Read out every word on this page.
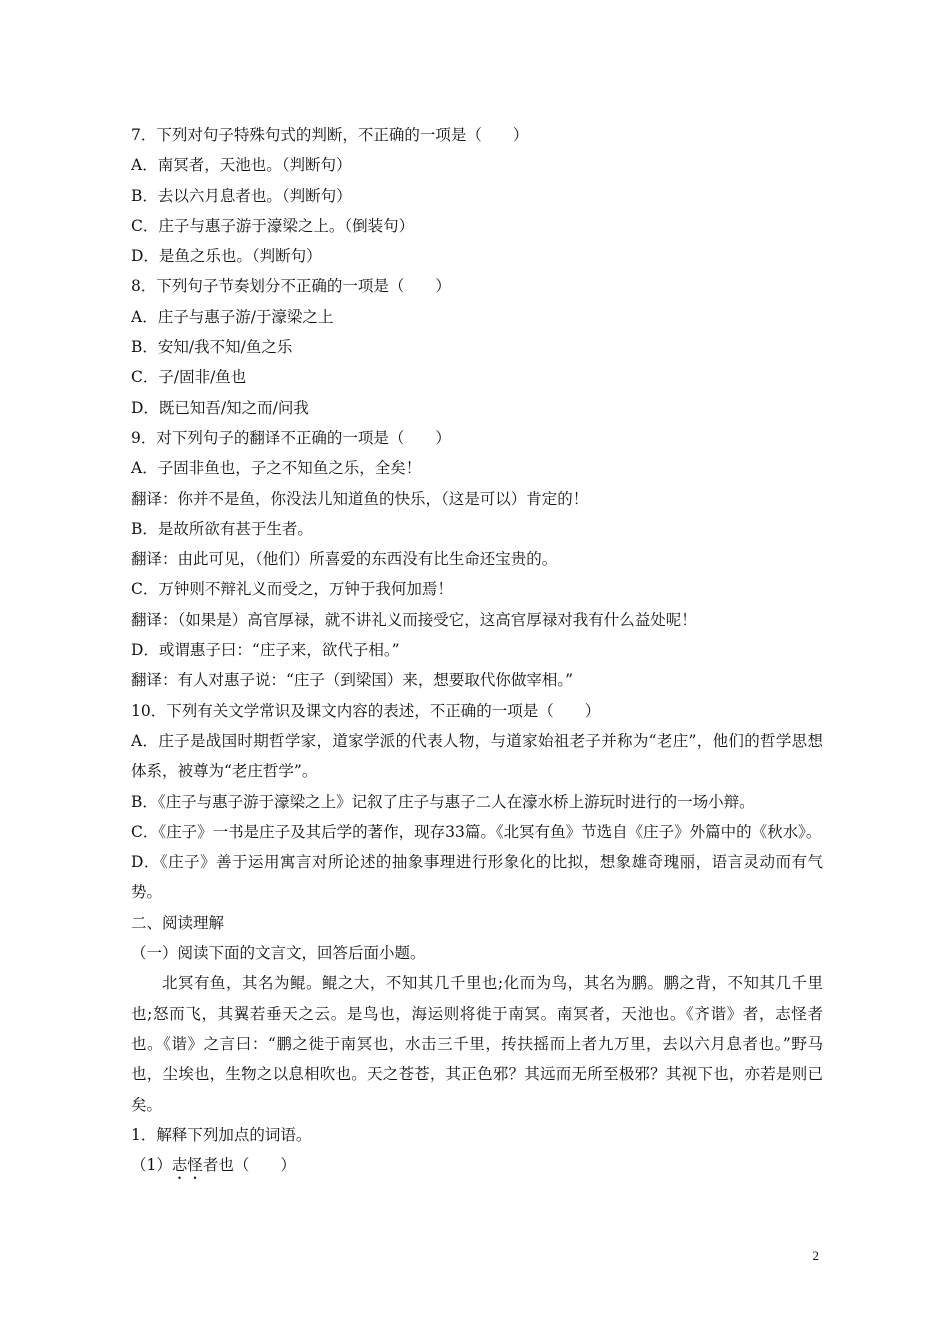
7．下列对句子特殊句式的判断，不正确的一项是（　　）
A．南冥者，天池也。（判断句）
B．去以六月息者也。（判断句）
C．庄子与惠子游于濠梁之上。（倒装句）
D．是鱼之乐也。（判断句）
8．下列句子节奏划分不正确的一项是（　　）
A．庄子与惠子游/于濠梁之上
B．安知/我不知/鱼之乐
C．子/固非/鱼也
D．既已知吾/知之而/问我
9．对下列句子的翻译不正确的一项是（　　）
A．子固非鱼也，子之不知鱼之乐，全矣！
翻译：你并不是鱼，你没法儿知道鱼的快乐，（这是可以）肯定的！
B．是故所欲有甚于生者。
翻译：由此可见，（他们）所喜爱的东西没有比生命还宝贵的。
C．万钟则不辩礼义而受之，万钟于我何加焉！
翻译：（如果是）高官厚禄，就不讲礼义而接受它，这高官厚禄对我有什么益处呢！
D．或谓惠子曰：“庄子来，欲代子相。”
翻译：有人对惠子说：“庄子（到梁国）来，想要取代你做宰相。”
10．下列有关文学常识及课文内容的表述，不正确的一项是（　　）
A．庄子是战国时期哲学家，道家学派的代表人物，与道家始祖老子并称为“老庄”，他们的哲学思想体系，被尊为“老庄哲学”。
B．《庄子与惠子游于濠梁之上》记叙了庄子与惠子二人在濠水桥上游玩时进行的一场小辩。
C．《庄子》一书是庄子及其后学的著作，现存33篇。《北冥有鱼》节选自《庄子》外篇中的《秋水》。
D．《庄子》善于运用寓言对所论述的抽象事理进行形象化的比拟，想象雄奇瑰丽，语言灵动而有气势。
二、阅读理解
（一）阅读下面的文言文，回答后面小题。
北冥有鱼，其名为鲲。鲲之大，不知其几千里也;化而为鸟，其名为鹏。鹏之背，不知其几千里也;怒而飞，其翼若垂天之云。是鸟也，海运则将徙于南冥。南冥者，天池也。《齐谐》者，志怪者也。《谐》之言曰：“鹏之徙于南冥也，水击三千里，抟扶摇而上者九万里，去以六月息者也。”野马也，尘埃也，生物之以息相吹也。天之苍苍，其正色邪？其远而无所至极邪？其视下也，亦若是则已矣。
1．解释下列加点的词语。
（1）志怪者也（　　）
2
